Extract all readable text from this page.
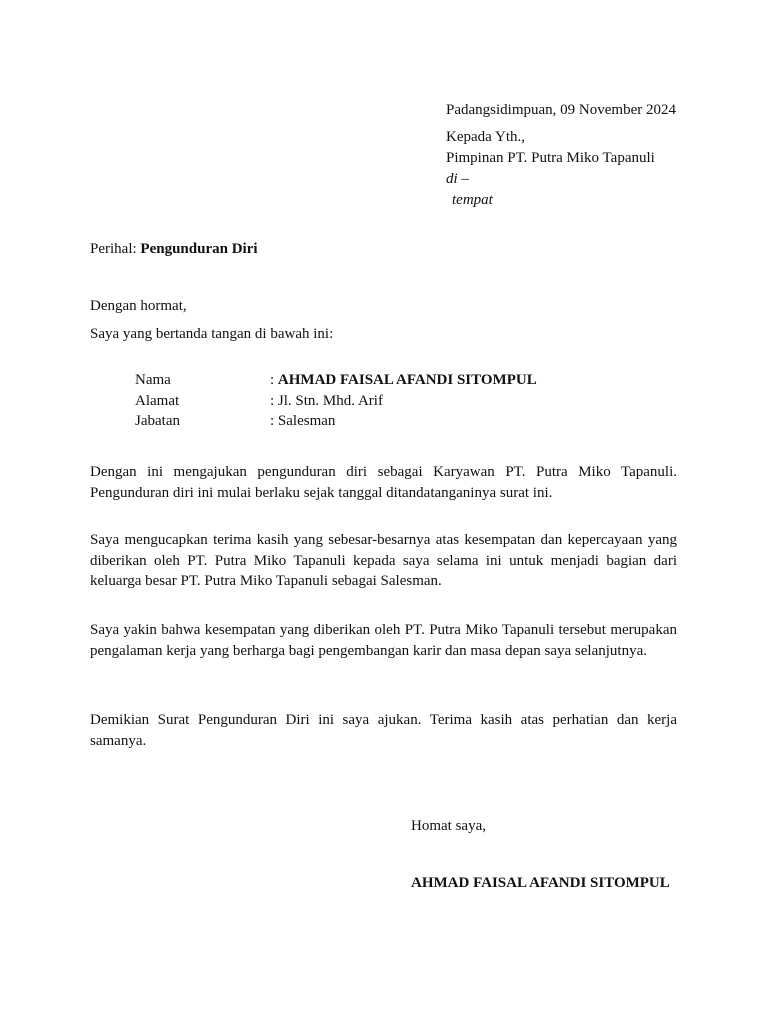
Padangsidimpuan, 09 November 2024
Kepada Yth.,
Pimpinan PT. Putra Miko Tapanuli
di –
tempat
Perihal: Pengunduran Diri
Dengan hormat,
Saya yang bertanda tangan di bawah ini:
Nama	: AHMAD FAISAL AFANDI SITOMPUL
Alamat	: Jl. Stn. Mhd. Arif
Jabatan	: Salesman
Dengan ini mengajukan pengunduran diri sebagai Karyawan PT. Putra Miko Tapanuli. Pengunduran diri ini mulai berlaku sejak tanggal ditandatanganinya surat ini.
Saya mengucapkan terima kasih yang sebesar-besarnya atas kesempatan dan kepercayaan yang diberikan oleh PT. Putra Miko Tapanuli kepada saya selama ini untuk menjadi bagian dari keluarga besar PT. Putra Miko Tapanuli sebagai Salesman.
Saya yakin bahwa kesempatan yang diberikan oleh PT. Putra Miko Tapanuli tersebut merupakan pengalaman kerja yang berharga bagi pengembangan karir dan masa depan saya selanjutnya.
Demikian Surat Pengunduran Diri ini saya ajukan. Terima kasih atas perhatian dan kerja samanya.
Homat saya,
AHMAD FAISAL AFANDI SITOMPUL
